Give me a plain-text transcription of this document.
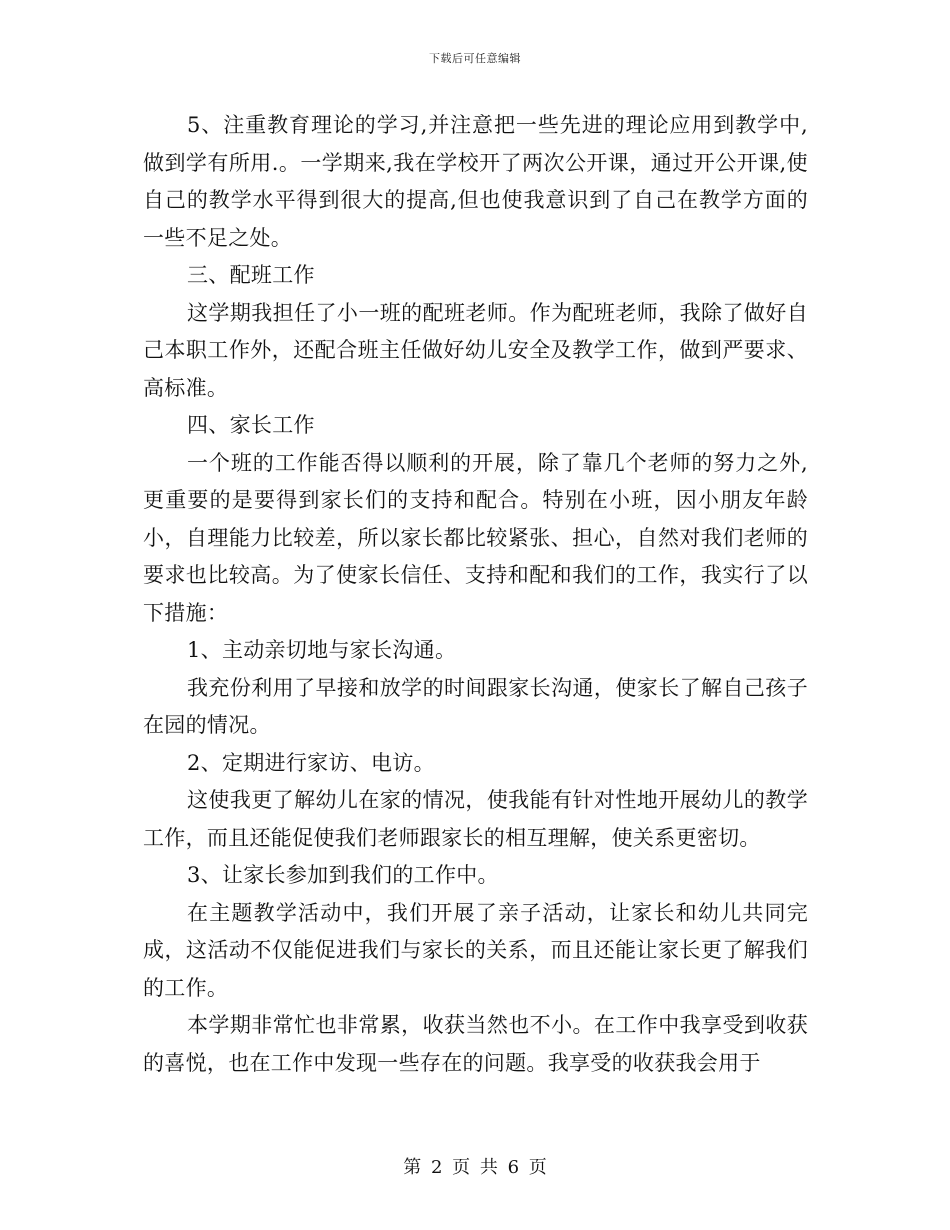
下载后可任意编辑

5、注重教育理论的学习,并注意把一些先进的理论应用到教学中,做到学有所用.。一学期来,我在学校开了两次公开课，通过开公开课,使自己的教学水平得到很大的提高,但也使我意识到了自己在教学方面的一些不足之处。

三、配班工作

这学期我担任了小一班的配班老师。作为配班老师，我除了做好自己本职工作外，还配合班主任做好幼儿安全及教学工作，做到严要求、高标准。

四、家长工作

一个班的工作能否得以顺利的开展，除了靠几个老师的努力之外,更重要的是要得到家长们的支持和配合。特别在小班，因小朋友年龄小，自理能力比较差，所以家长都比较紧张、担心，自然对我们老师的要求也比较高。为了使家长信任、支持和配和我们的工作，我实行了以下措施：

1、主动亲切地与家长沟通。

我充份利用了早接和放学的时间跟家长沟通，使家长了解自己孩子在园的情况。

2、定期进行家访、电访。

这使我更了解幼儿在家的情况，使我能有针对性地开展幼儿的教学工作，而且还能促使我们老师跟家长的相互理解，使关系更密切。

3、让家长参加到我们的工作中。

在主题教学活动中，我们开展了亲子活动，让家长和幼儿共同完成，这活动不仅能促进我们与家长的关系，而且还能让家长更了解我们的工作。

本学期非常忙也非常累，收获当然也不小。在工作中我享受到收获的喜悦，也在工作中发现一些存在的问题。我享受的收获我会用于

第 2 页 共 6 页
